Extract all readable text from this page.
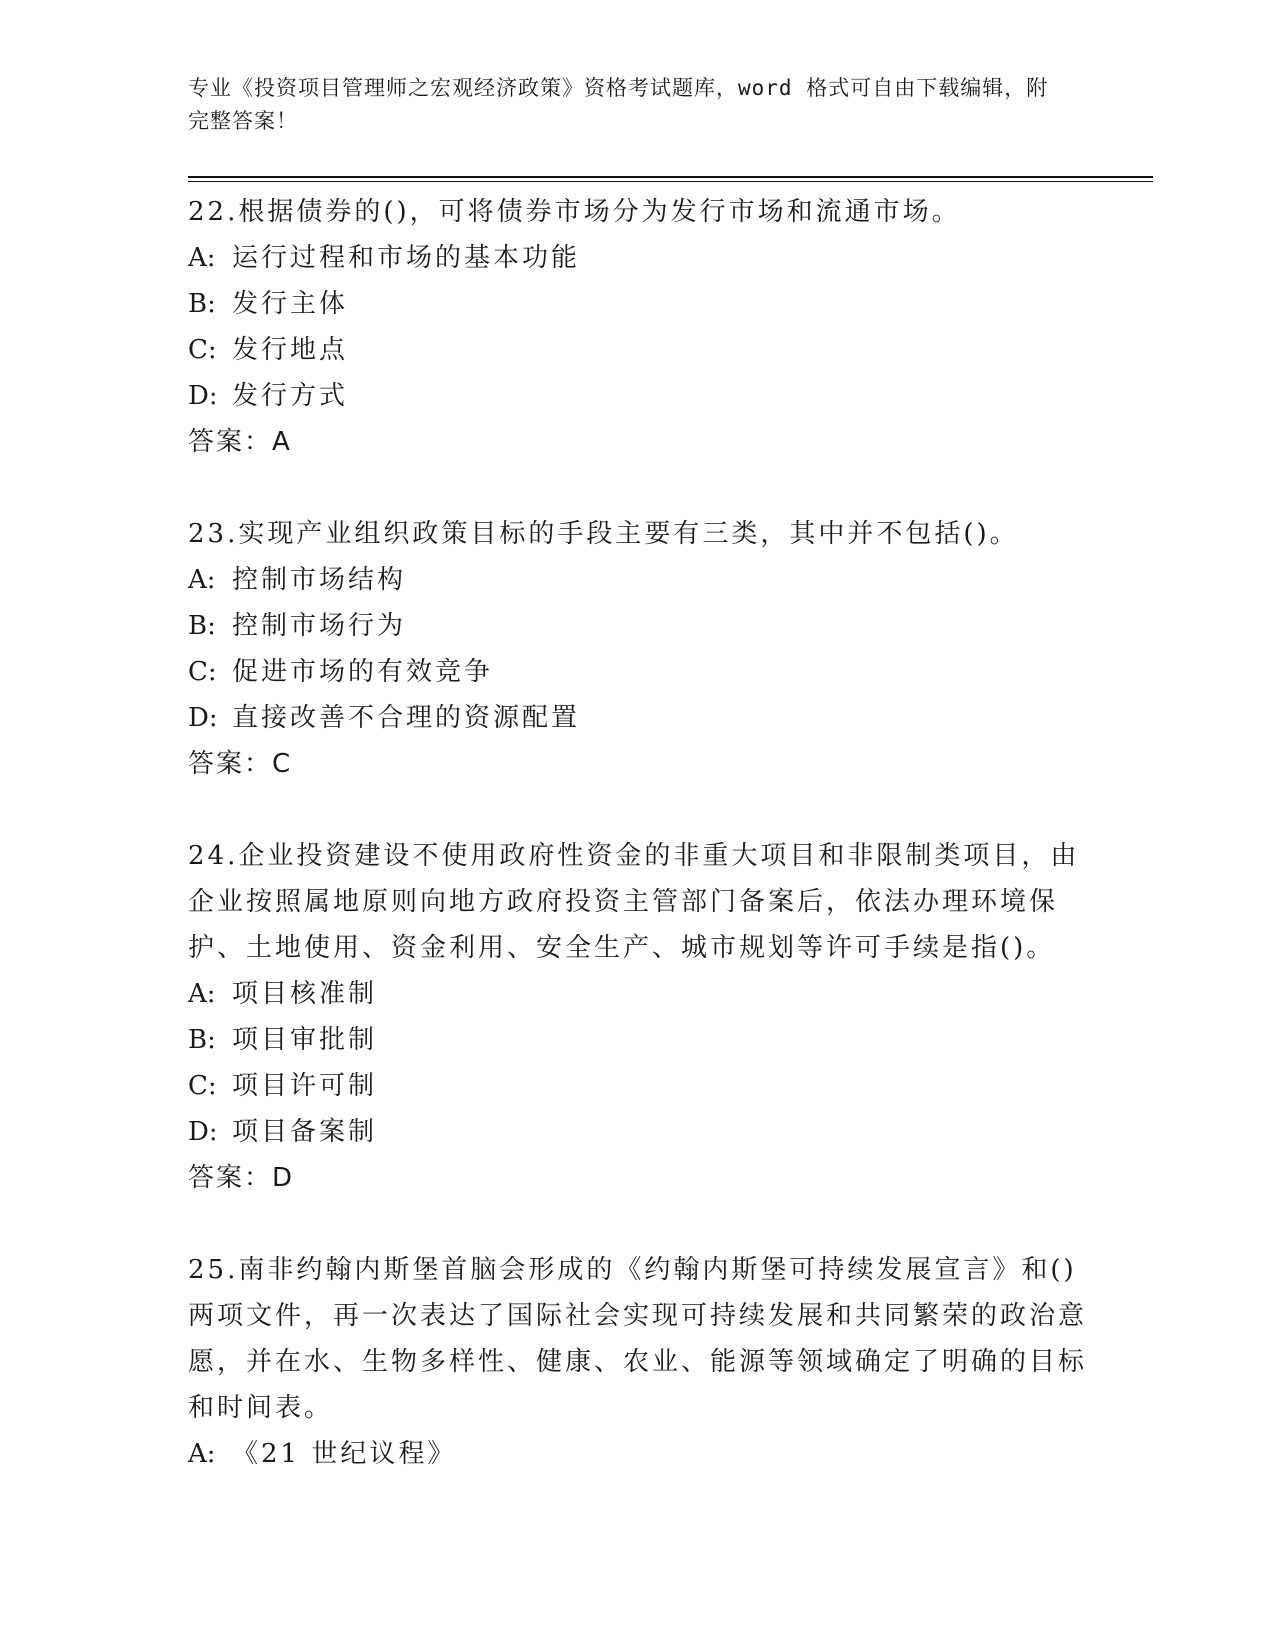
专业《投资项目管理师之宏观经济政策》资格考试题库，word 格式可自由下载编辑，附完整答案！

22.根据债券的()，可将债券市场分为发行市场和流通市场。

A: 运行过程和市场的基本功能

B: 发行主体

C: 发行地点

D: 发行方式

答案：A

23.实现产业组织政策目标的手段主要有三类，其中并不包括()。

A: 控制市场结构

B: 控制市场行为

C: 促进市场的有效竞争

D: 直接改善不合理的资源配置

答案：C

24.企业投资建设不使用政府性资金的非重大项目和非限制类项目，由企业按照属地原则向地方政府投资主管部门备案后，依法办理环境保护、土地使用、资金利用、安全生产、城市规划等许可手续是指()。

A: 项目核准制

B: 项目审批制

C: 项目许可制

D: 项目备案制

答案：D

25.南非约翰内斯堡首脑会形成的《约翰内斯堡可持续发展宣言》和()两项文件，再一次表达了国际社会实现可持续发展和共同繁荣的政治意愿，并在水、生物多样性、健康、农业、能源等领域确定了明确的目标和时间表。

A: 《21 世纪议程》
